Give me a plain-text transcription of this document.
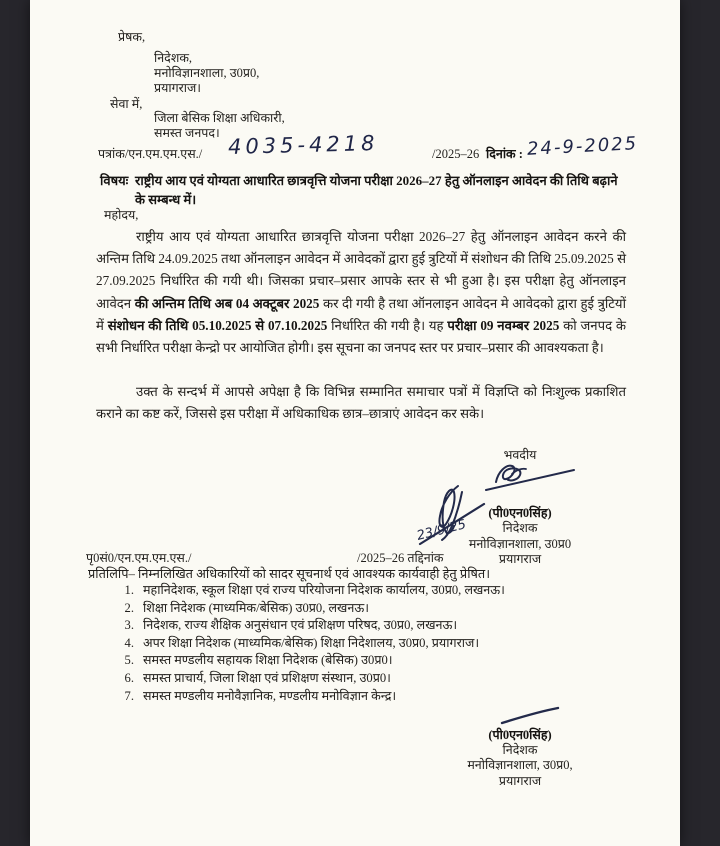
प्रेषक,
निदेशक,
मनोविज्ञानशाला, उ0प्र0,
प्रयागराज।
सेवा में,
जिला बेसिक शिक्षा अधिकारी,
समस्त जनपद।
पत्रांक/एन.एम.एम.एस./ 4035-4218	/2025–26 दिनांक : 24-9-2025
विषयः राष्ट्रीय आय एवं योग्यता आधारित छात्रवृत्ति योजना परीक्षा 2026–27 हेतु ऑनलाइन आवेदन की तिथि बढ़ाने के सम्बन्ध में।
महोदय,
राष्ट्रीय आय एवं योग्यता आधारित छात्रवृत्ति योजना परीक्षा 2026–27 हेतु ऑनलाइन आवेदन करने की अन्तिम तिथि 24.09.2025 तथा ऑनलाइन आवेदन में आवेदकों द्वारा हुई त्रुटियों में संशोधन की तिथि 25.09.2025 से 27.09.2025 निर्धारित की गयी थी। जिसका प्रचार–प्रसार आपके स्तर से भी हुआ है। इस परीक्षा हेतु ऑनलाइन आवेदन की अन्तिम तिथि अब 04 अक्टूबर 2025 कर दी गयी है तथा ऑनलाइन आवेदन मे आवेदको द्वारा हुई त्रुटियों में संशोधन की तिथि 05.10.2025 से 07.10.2025 निर्धारित की गयी है। यह परीक्षा 09 नवम्बर 2025 को जनपद के सभी निर्धारित परीक्षा केन्द्रो पर आयोजित होगी। इस सूचना का जनपद स्तर पर प्रचार–प्रसार की आवश्यकता है।
उक्त के सन्दर्भ में आपसे अपेक्षा है कि विभिन्न सम्मानित समाचार पत्रों में विज्ञप्ति को निःशुल्क प्रकाशित कराने का कष्ट करें, जिससे इस परीक्षा में अधिकाधिक छात्र–छात्राएं आवेदन कर सके।
भवदीय
(पी0एन0सिंह)
निदेशक
मनोविज्ञानशाला, उ0प्र0
प्रयागराज
23/9/25
पृ0सं0/एन.एम.एम.एस./	/2025–26 तद्दिनांक
प्रतिलिपि– निम्नलिखित अधिकारियों को सादर सूचनार्थ एवं आवश्यक कार्यवाही हेतु प्रेषित।
1. महानिदेशक, स्कूल शिक्षा एवं राज्य परियोजना निदेशक कार्यालय, उ0प्र0, लखनऊ।
2. शिक्षा निदेशक (माध्यमिक/बेसिक) उ0प्र0, लखनऊ।
3. निदेशक, राज्य शैक्षिक अनुसंधान एवं प्रशिक्षण परिषद, उ0प्र0, लखनऊ।
4. अपर शिक्षा निदेशक (माध्यमिक/बेसिक) शिक्षा निदेशालय, उ0प्र0, प्रयागराज।
5. समस्त मण्डलीय सहायक शिक्षा निदेशक (बेसिक) उ0प्र0।
6. समस्त प्राचार्य, जिला शिक्षा एवं प्रशिक्षण संस्थान, उ0प्र0।
7. समस्त मण्डलीय मनोवैज्ञानिक, मण्डलीय मनोविज्ञान केन्द्र।
(पी0एन0सिंह)
निदेशक
मनोविज्ञानशाला, उ0प्र0,
प्रयागराज
